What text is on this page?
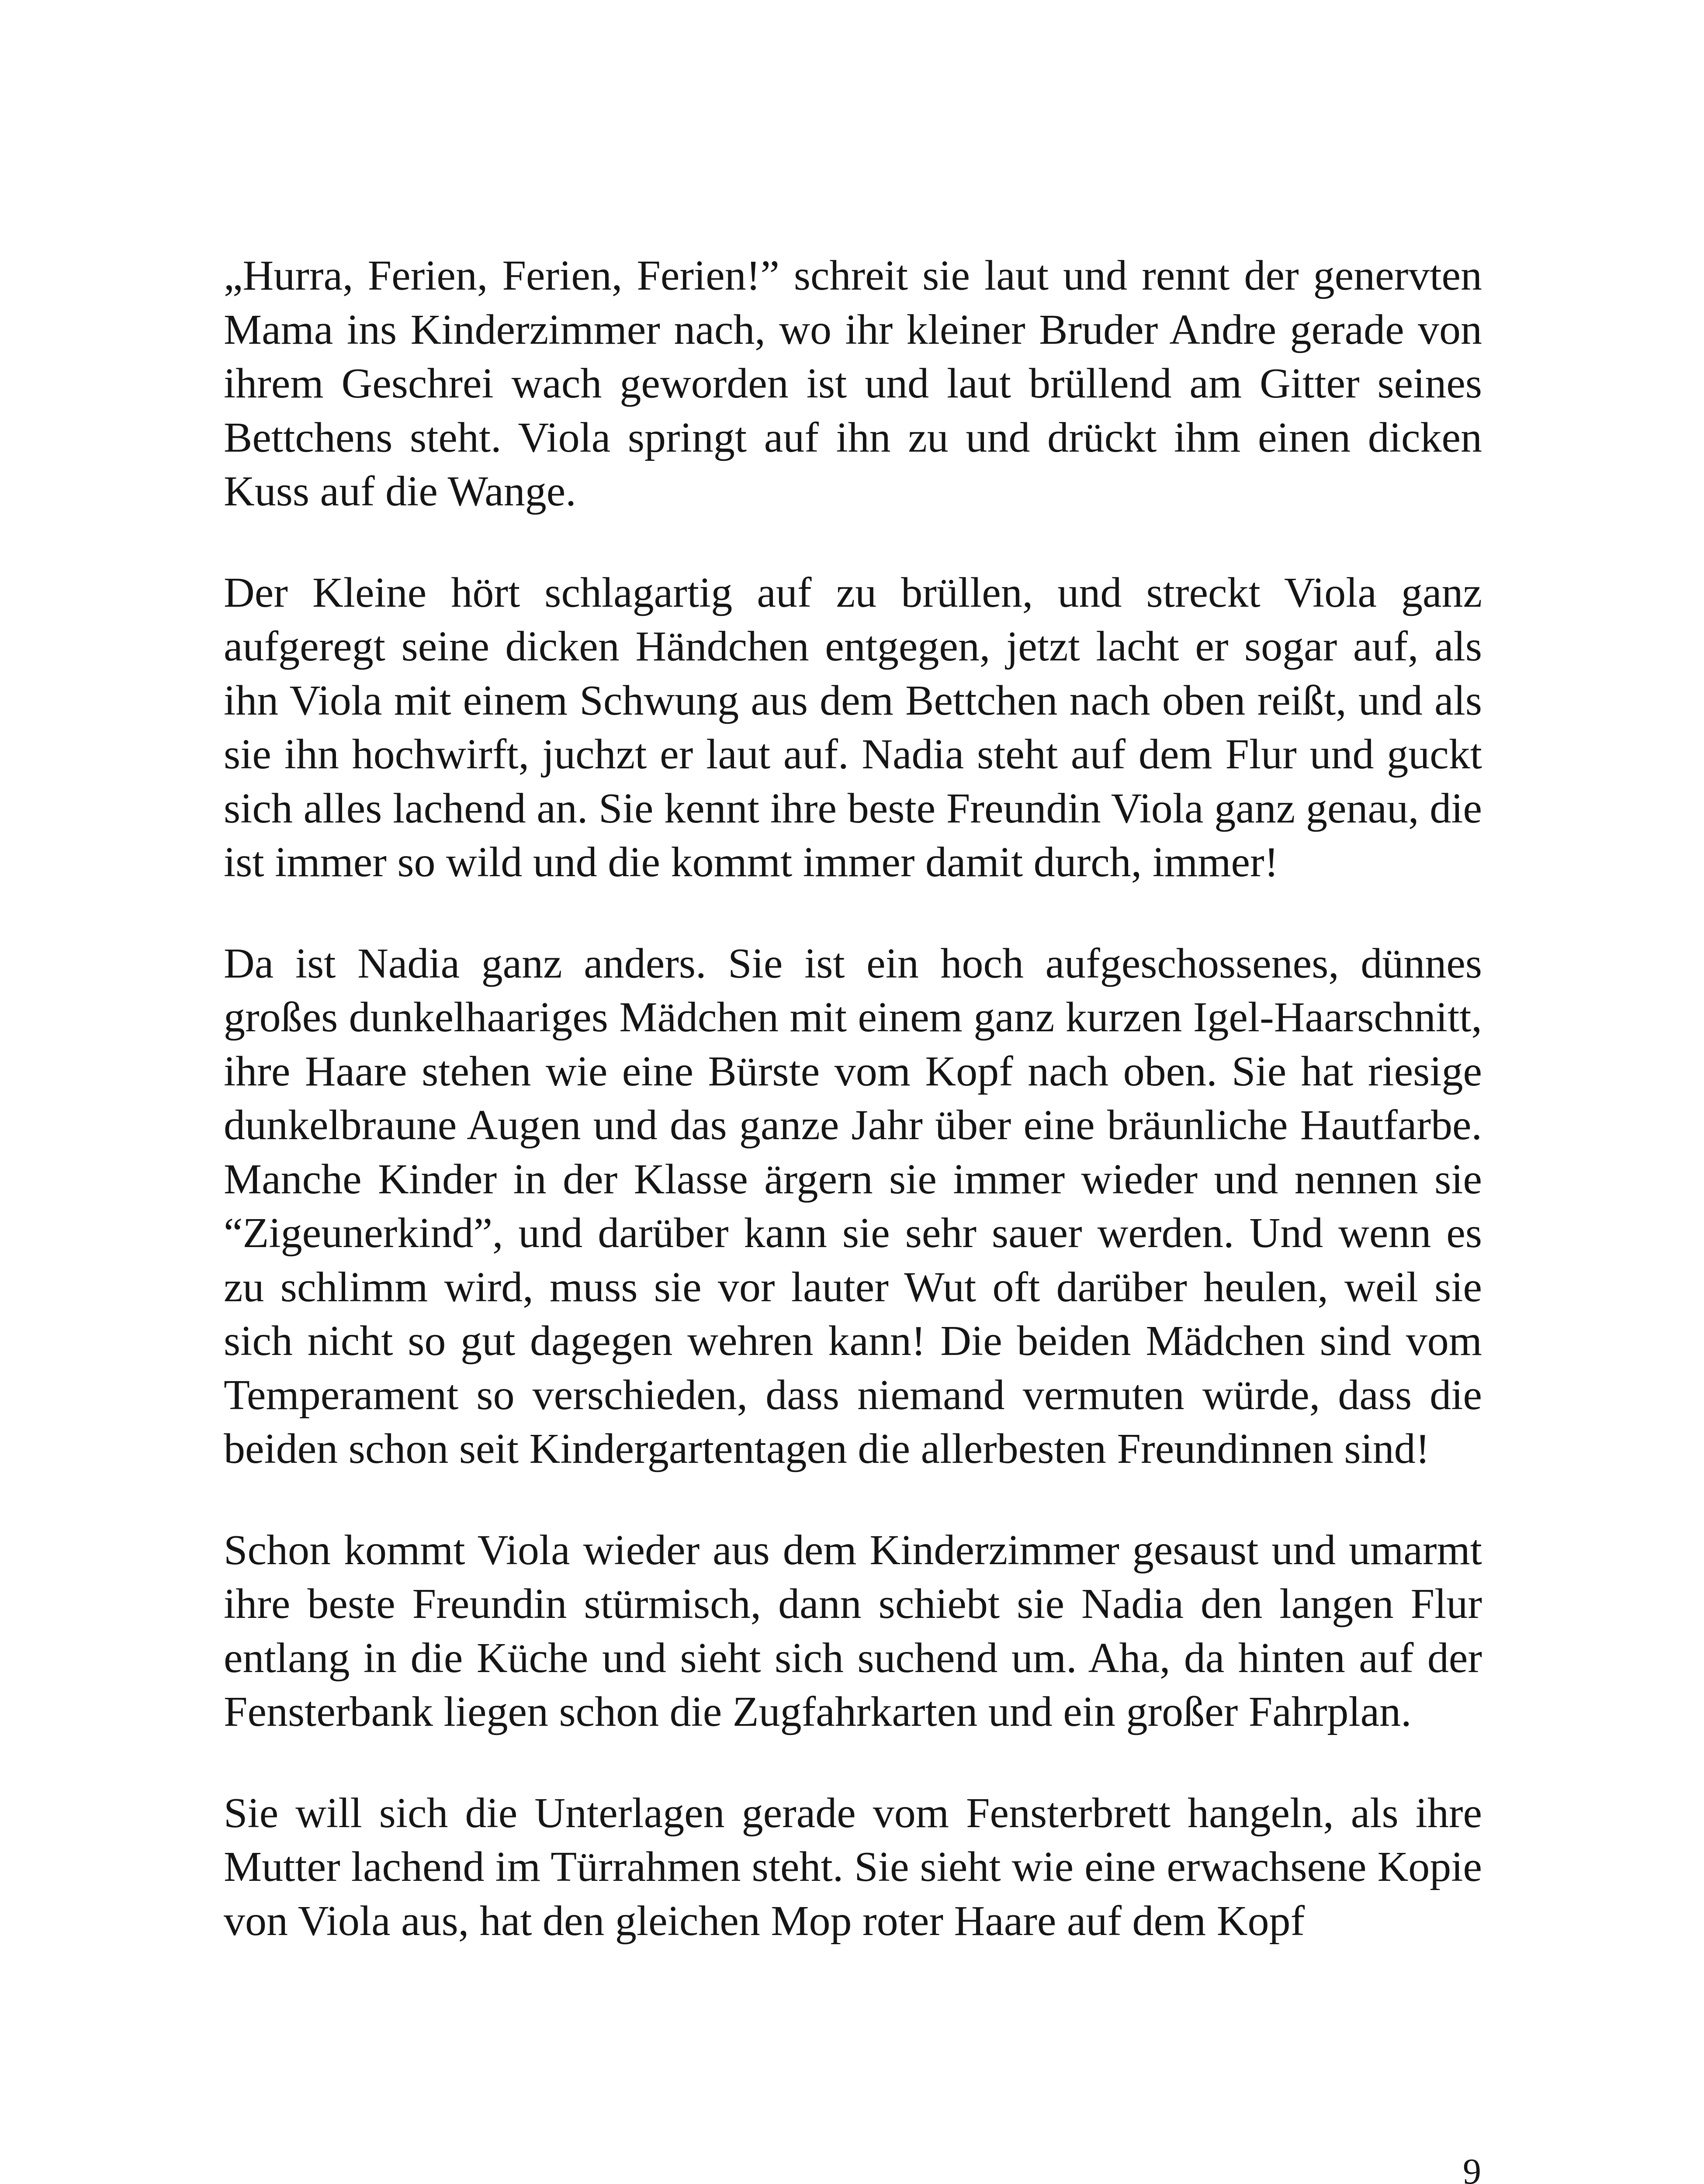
„Hurra, Ferien, Ferien, Ferien!” schreit sie laut und rennt der genervten Mama ins Kinderzimmer nach, wo ihr kleiner Bruder Andre gerade von ihrem Geschrei wach geworden ist und laut brüllend am Gitter seines Bettchens steht. Viola springt auf ihn zu und drückt ihm einen dicken Kuss auf die Wange.

Der Kleine hört schlagartig auf zu brüllen, und streckt Viola ganz aufgeregt seine dicken Händchen entgegen, jetzt lacht er sogar auf, als ihn Viola mit einem Schwung aus dem Bettchen nach oben reißt, und als sie ihn hochwirft, juchzt er laut auf. Nadia steht auf dem Flur und guckt sich alles lachend an. Sie kennt ihre beste Freundin Viola ganz genau, die ist immer so wild und die kommt immer damit durch, immer!

Da ist Nadia ganz anders. Sie ist ein hoch aufgeschossenes, dünnes großes dunkelhaariges Mädchen mit einem ganz kurzen Igel-Haarschnitt, ihre Haare stehen wie eine Bürste vom Kopf nach oben. Sie hat riesige dunkelbraune Augen und das ganze Jahr über eine bräunliche Hautfarbe. Manche Kinder in der Klasse ärgern sie immer wieder und nennen sie “Zigeunerkind”, und darüber kann sie sehr sauer werden. Und wenn es zu schlimm wird, muss sie vor lauter Wut oft darüber heulen, weil sie sich nicht so gut dagegen wehren kann! Die beiden Mädchen sind vom Temperament so verschieden, dass niemand vermuten würde, dass die beiden schon seit Kindergartentagen die allerbesten Freundinnen sind!

Schon kommt Viola wieder aus dem Kinderzimmer gesaust und umarmt ihre beste Freundin stürmisch, dann schiebt sie Nadia den langen Flur entlang in die Küche und sieht sich suchend um. Aha, da hinten auf der Fensterbank liegen schon die Zugfahrkarten und ein großer Fahrplan.

Sie will sich die Unterlagen gerade vom Fensterbrett hangeln, als ihre Mutter lachend im Türrahmen steht. Sie sieht wie eine erwachsene Kopie von Viola aus, hat den gleichen Mop roter Haare auf dem Kopf

9
